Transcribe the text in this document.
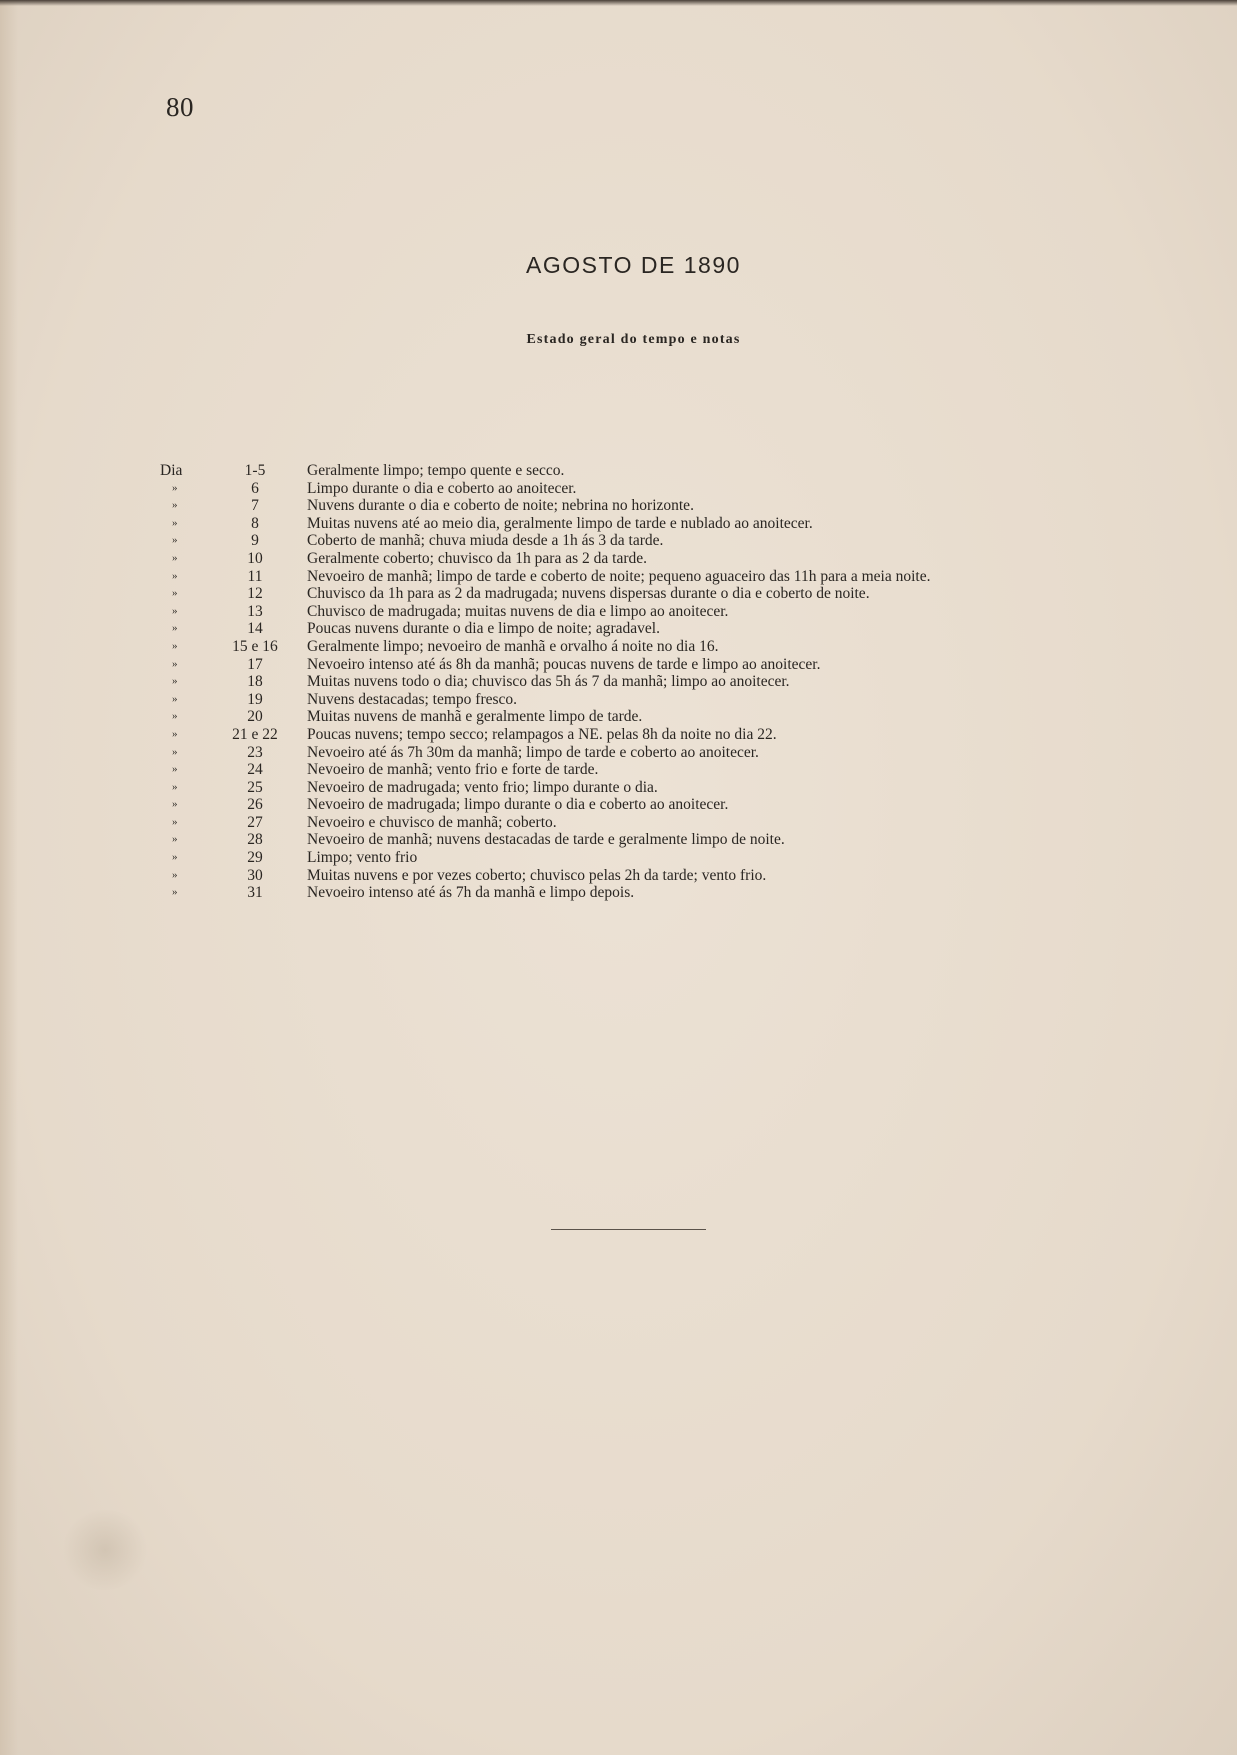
80
AGOSTO DE 1890
Estado geral do tempo e notas
Dia	1-5	Geralmente limpo; tempo quente e secco.
»	6	Limpo durante o dia e coberto ao anoitecer.
»	7	Nuvens durante o dia e coberto de noite; nebrina no horizonte.
»	8	Muitas nuvens até ao meio dia, geralmente limpo de tarde e nublado ao anoitecer.
»	9	Coberto de manhã; chuva miuda desde a 1h ás 3 da tarde.
»	10	Geralmente coberto; chuvisco da 1h para as 2 da tarde.
»	11	Nevoeiro de manhã; limpo de tarde e coberto de noite; pequeno aguaceiro das 11h para a meia noite.
»	12	Chuvisco da 1h para as 2 da madrugada; nuvens dispersas durante o dia e coberto de noite.
»	13	Chuvisco de madrugada; muitas nuvens de dia e limpo ao anoitecer.
»	14	Poucas nuvens durante o dia e limpo de noite; agradavel.
»	15 e 16	Geralmente limpo; nevoeiro de manhã e orvalho á noite no dia 16.
»	17	Nevoeiro intenso até ás 8h da manhã; poucas nuvens de tarde e limpo ao anoitecer.
»	18	Muitas nuvens todo o dia; chuvisco das 5h ás 7 da manhã; limpo ao anoitecer.
»	19	Nuvens destacadas; tempo fresco.
»	20	Muitas nuvens de manhã e geralmente limpo de tarde.
»	21 e 22	Poucas nuvens; tempo secco; relampagos a NE. pelas 8h da noite no dia 22.
»	23	Nevoeiro até ás 7h 30m da manhã; limpo de tarde e coberto ao anoitecer.
»	24	Nevoeiro de manhã; vento frio e forte de tarde.
»	25	Nevoeiro de madrugada; vento frio; limpo durante o dia.
»	26	Nevoeiro de madrugada; limpo durante o dia e coberto ao anoitecer.
»	27	Nevoeiro e chuvisco de manhã; coberto.
»	28	Nevoeiro de manhã; nuvens destacadas de tarde e geralmente limpo de noite.
»	29	Limpo; vento frio
»	30	Muitas nuvens e por vezes coberto; chuvisco pelas 2h da tarde; vento frio.
»	31	Nevoeiro intenso até ás 7h da manhã e limpo depois.
